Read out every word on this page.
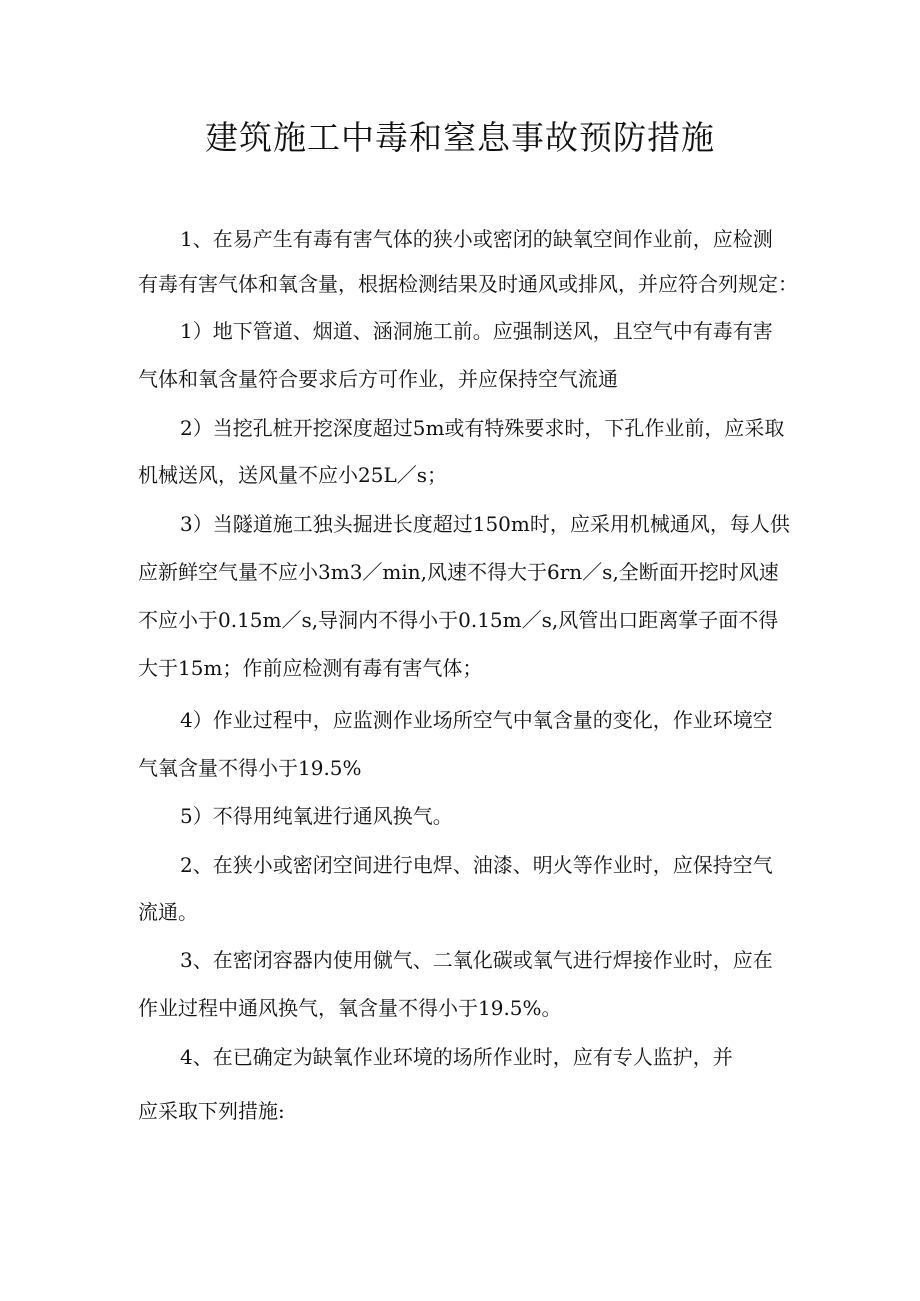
建筑施工中毒和窒息事故预防措施
1、在易产生有毒有害气体的狭小或密闭的缺氧空间作业前，应检测
有毒有害气体和氧含量，根据检测结果及时通风或排风，并应符合列规定：
1）地下管道、烟道、涵洞施工前。应强制送风，且空气中有毒有害
气体和氧含量符合要求后方可作业，并应保持空气流通
2）当挖孔桩开挖深度超过5m或有特殊要求时，下孔作业前，应采取
机械送风，送风量不应小25L／s；
3）当隧道施工独头掘进长度超过150m时，应采用机械通风，每人供
应新鲜空气量不应小3m3／min,风速不得大于6rn／s,全断面开挖时风速
不应小于0.15m／s,导洞内不得小于0.15m／s,风管出口距离掌子面不得
大于15m；作前应检测有毒有害气体；
4）作业过程中，应监测作业场所空气中氧含量的变化，作业环境空
气氧含量不得小于19.5%
5）不得用纯氧进行通风换气。
2、在狭小或密闭空间进行电焊、油漆、明火等作业时，应保持空气
流通。
3、在密闭容器内使用僦气、二氧化碳或氧气进行焊接作业时，应在
作业过程中通风换气，氧含量不得小于19.5%。
4、在已确定为缺氧作业环境的场所作业时，应有专人监护，并
应采取下列措施:
